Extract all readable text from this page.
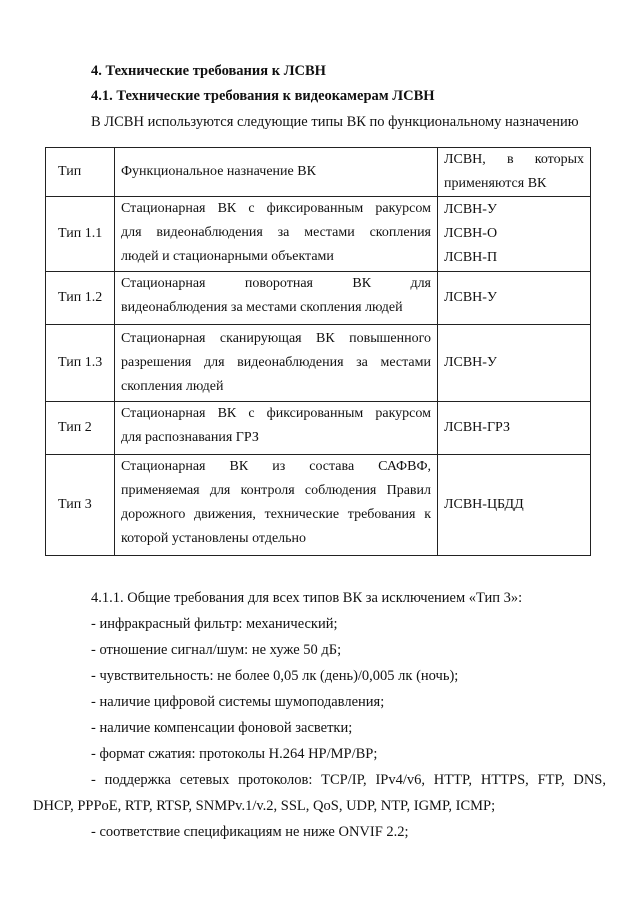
4. Технические требования к ЛСВН
4.1. Технические требования к видеокамерам ЛСВН
В ЛСВН используются следующие типы ВК по функциональному назначению
Тип	Функциональное назначение ВК
ЛСВН, в которых
применяются ВК
Тип 1.1
Стационарная ВК с фиксированным ракурсом
для видеонаблюдения за местами скопления
людей и стационарными объектами
ЛСВН-У
ЛСВН-О
ЛСВН-П
Тип 1.2
Стационарная поворотная ВК для
видеонаблюдения за местами скопления людей
ЛСВН-У
Тип 1.3
Стационарная сканирующая ВК повышенного
разрешения для видеонаблюдения за местами
скопления людей
ЛСВН-У
Тип 2
Стационарная ВК с фиксированным ракурсом
для распознавания ГРЗ
ЛСВН-ГРЗ
Тип 3
Стационарная ВК из состава САФВФ,
применяемая для контроля соблюдения Правил
дорожного движения, технические требования к
которой установлены отдельно
ЛСВН-ЦБДД
4.1.1. Общие требования для всех типов ВК за исключением «Тип 3»:
- инфракрасный фильтр: механический;
- отношение сигнал/шум: не хуже 50 дБ;
- чувствительность: не более 0,05 лк (день)/0,005 лк (ночь);
- наличие цифровой системы шумоподавления;
- наличие компенсации фоновой засветки;
- формат сжатия: протоколы H.264 HP/MP/BP;
- поддержка сетевых протоколов: TCP/IP, IPv4/v6, HTTP, HTTPS, FTP, DNS,
DHCP, PPPoE, RTP, RTSP, SNMPv.1/v.2, SSL, QoS, UDP, NTP, IGMP, ICMP;
- соответствие спецификациям не ниже ONVIF 2.2;
